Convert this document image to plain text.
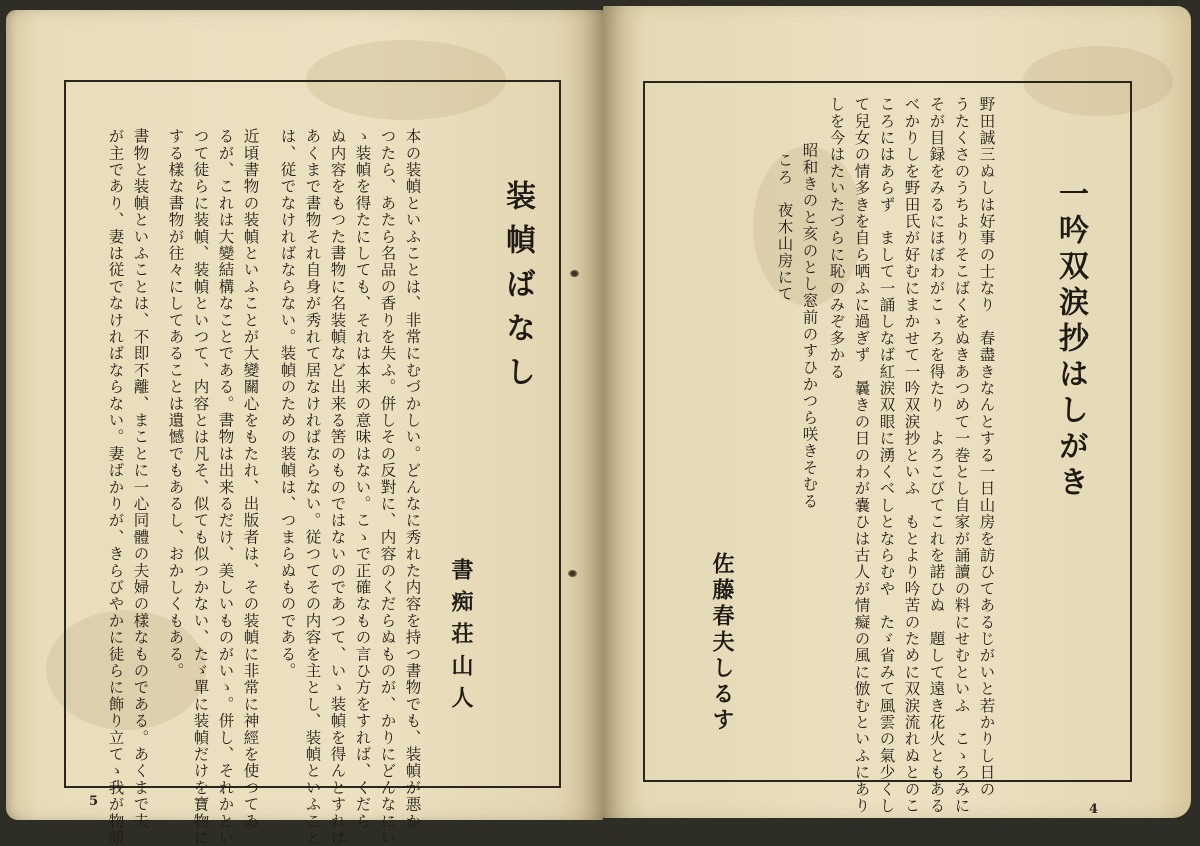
装幀ばなし
書痴荘山人
本の装幀といふことは、非常にむづかしい。どんなに秀れた内容を持つ書物でも、装幀が悪か
つたら、あたら名品の香りを失ふ。併しその反對に、内容のくだらぬものが、かりにどんなにい
ゝ装幀を得たにしても、それは本来の意味はない。こゝで正確なもの言ひ方をすれば、くだら
ぬ内容をもつた書物に名装幀など出来る筈のものではないのであつて、いゝ装幀を得んとすれば
あくまで書物それ自身が秀れて居なければならない。従つてその内容を主とし、装幀といふこと
は、従でなければならない。装幀のための装幀は、つまらぬものである。
近頃書物の装幀といふことが大變關心をもたれ、出版者は、その装幀に非常に神經を使つてゐ
るが、これは大變結構なことである。書物は出来るだけ、美しいものがいゝ。併し、それかとい
つて徒らに装幀、装幀といつて、内容とは凡そ、似ても似つかない、たゞ單に装幀だけを寶物に
する樣な書物が往々にしてあることは遺憾でもあるし、おかしくもある。
書物と装幀といふことは、不即不離、まことに一心同體の夫婦の樣なものである。あくまで夫
が主であり、妻は従でなければならない。妻ばかりが、きらびやかに徒らに飾り立てゝ我が物顔
5
一吟双涙抄はしがき
野田誠三ぬしは好事の士なり　春盡きなんとする一日山房を訪ひてあるじがいと若かりし日の
うたくさのうちよりそこばくをぬきあつめて一巻とし自家が誦讀の料にせむといふ　こゝろみに
そが目録をみるにほぼわがこゝろを得たり　よろこびてこれを諾ひぬ　題して遠き花火ともある
べかりしを野田氏が好むにまかせて一吟双涙抄といふ　もとより吟苦のために双涙流れぬとのこ
ころにはあらず　まして一誦しなば紅涙双眼に湧くべしとならむや　たゞ省みて風雲の氣少くし
て兒女の情多きを自ら哂ふに過ぎず　曩きの日のわが嚢ひは古人が情癡の風に倣むといふにあり
しを今はたいたづらに恥のみぞ多かる
昭和きのと亥のとし窓前のすひかつら咲きそむる
ころ　夜木山房にて
佐藤春夫しるす
4
